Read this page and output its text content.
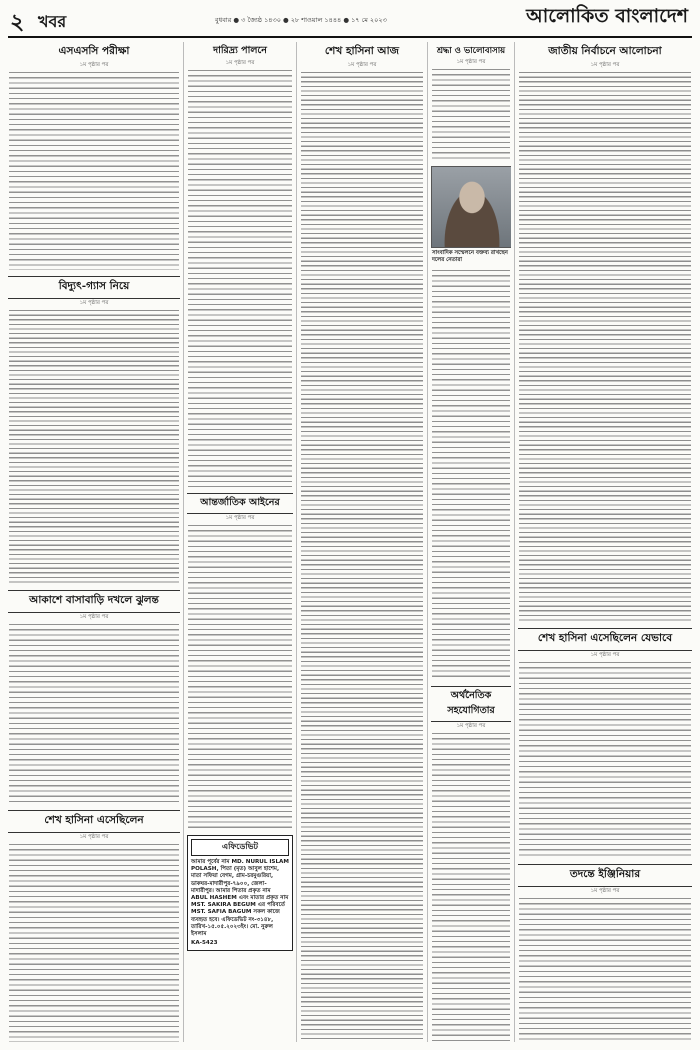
২ খবর	বুধবার ● ৩ জ্যৈষ্ঠ ১৪৩০ ● ২৮ শাওয়াল ১৪৪৪ ● ১৭ মে ২০২৩	আলোকিত বাংলাদেশ
এসএসসি পরীক্ষা
১ম পৃষ্ঠার পর
বিদ্যুৎ-গ্যাস নিয়ে
১ম পৃষ্ঠার পর
আকাশে বাসাবাড়ি দখলে ঝুলন্ত
১ম পৃষ্ঠার পর
শেখ হাসিনা এসেছিলেন
১ম পৃষ্ঠার পর
দারিদ্র্য পালনে
১ম পৃষ্ঠার পর
আন্তর্জাতিক আইনের
১ম পৃষ্ঠার পর
এফিডেভিট
আমার পূর্বের নাম MD. NURUL ISLAM POLASH, পিতা (মৃত) আবুল হাশেম, মাতা সফিয়া বেগম, গ্রাম-চরমুগুরিয়া, ডাকঘর-মাদারীপুর-৭৯০০, জেলা-মাদারীপুর। আমার পিতার প্রকৃত নাম ABUL HASHEM এবং মাতার প্রকৃত নাম MST. SAKIRA BEGUM এর পরিবর্তে MST. SAFIA BAGUM সকল কাজে ব্যবহৃত হবে। এফিডেভিট নং-৩১৪৮, তারিখ-১৫.০৫.২০২৩ইং। মো. নুরুল ইসলাম
KA-5423
শেখ হাসিনা আজ
১ম পৃষ্ঠার পর
শ্রদ্ধা ও ভালোবাসায়
১ম পৃষ্ঠার পর
সাংবাদিক সম্মেলনে বক্তব্য রাখছেন দলের নেতারা
অর্থনৈতিক সহযোগিতার
১ম পৃষ্ঠার পর
জাতীয় নির্বাচনে আলোচনা
১ম পৃষ্ঠার পর
শেখ হাসিনা এসেছিলেন যেভাবে
১ম পৃষ্ঠার পর
তদন্তে ইঞ্জিনিয়ার
১ম পৃষ্ঠার পর
